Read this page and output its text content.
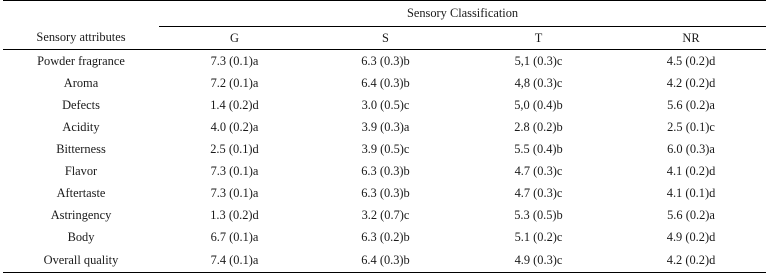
	Sensory Classification			
Sensory attributes	G	S	T	NR
Powder fragrance	7.3 (0.1)a	6.3 (0.3)b	5,1 (0.3)c	4.5 (0.2)d
Aroma	7.2 (0.1)a	6.4 (0.3)b	4,8 (0.3)c	4.2 (0.2)d
Defects	1.4 (0.2)d	3.0 (0.5)c	5,0 (0.4)b	5.6 (0.2)a
Acidity	4.0 (0.2)a	3.9 (0.3)a	2.8 (0.2)b	2.5 (0.1)c
Bitterness	2.5 (0.1)d	3.9 (0.5)c	5.5 (0.4)b	6.0 (0.3)a
Flavor	7.3 (0.1)a	6.3 (0.3)b	4.7 (0.3)c	4.1 (0.2)d
Aftertaste	7.3 (0.1)a	6.3 (0.3)b	4.7 (0.3)c	4.1 (0.1)d
Astringency	1.3 (0.2)d	3.2 (0.7)c	5.3 (0.5)b	5.6 (0.2)a
Body	6.7 (0.1)a	6.3 (0.2)b	5.1 (0.2)c	4.9 (0.2)d
Overall quality	7.4 (0.1)a	6.4 (0.3)b	4.9 (0.3)c	4.2 (0.2)d
